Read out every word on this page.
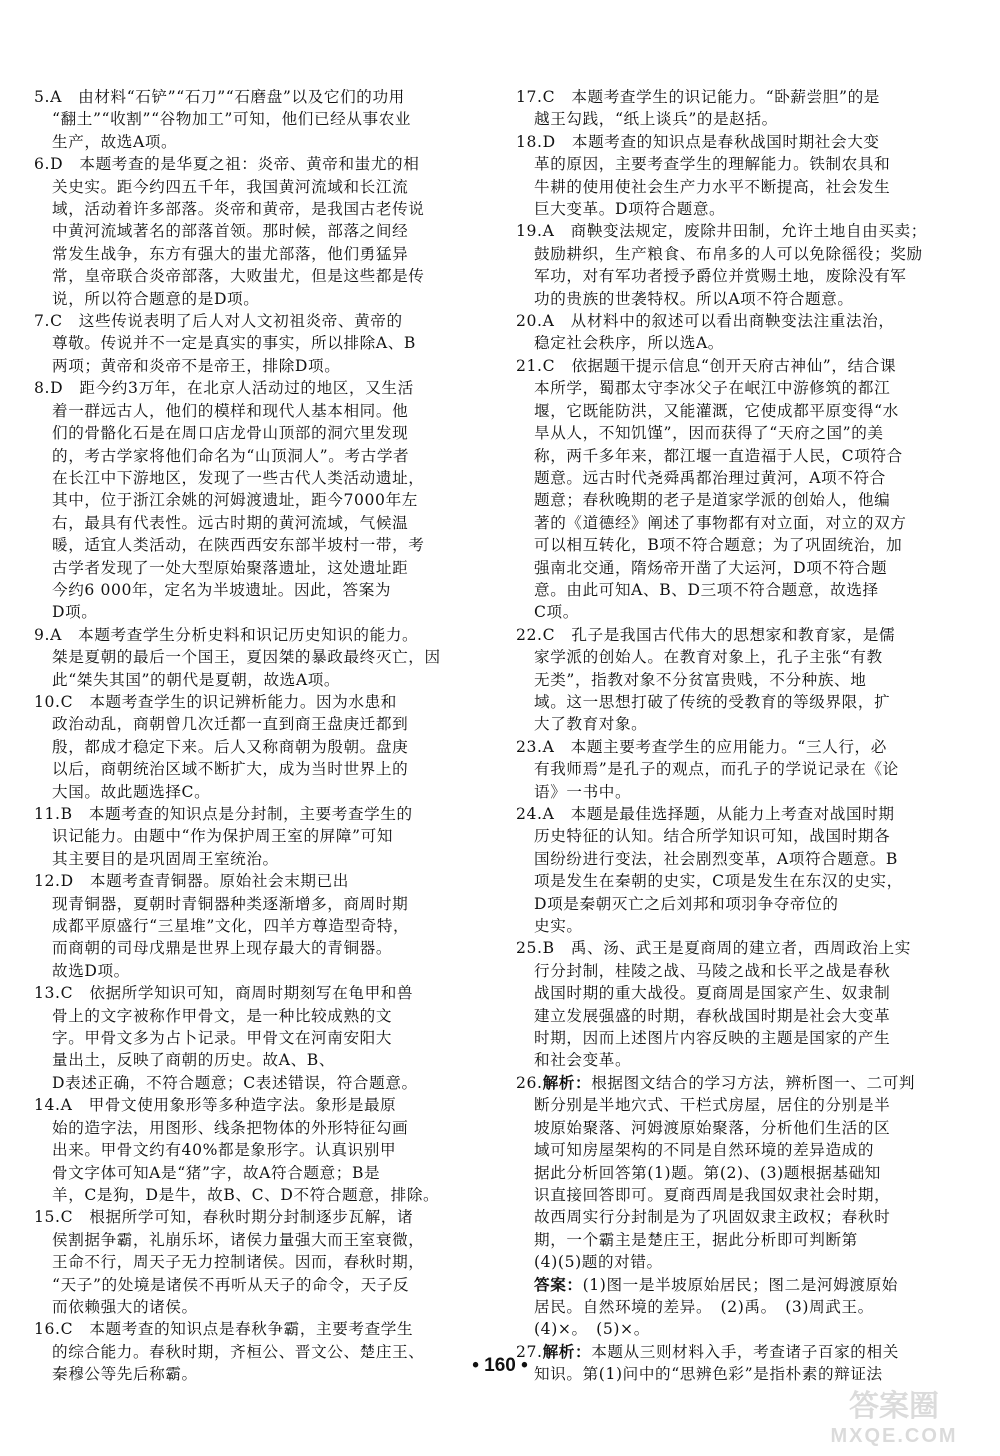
5.A　由材料“石铲”“石刀”“石磨盘”以及它们的功用

“翻土”“收割”“谷物加工”可知，他们已经从事农业

生产，故选A项。

6.D　本题考查的是华夏之祖：炎帝、黄帝和蚩尤的相

关史实。距今约四五千年，我国黄河流域和长江流

域，活动着许多部落。炎帝和黄帝，是我国古老传说

中黄河流域著名的部落首领。那时候，部落之间经

常发生战争，东方有强大的蚩尤部落，他们勇猛异

常，皇帝联合炎帝部落，大败蚩尤，但是这些都是传

说，所以符合题意的是D项。

7.C　这些传说表明了后人对人文初祖炎帝、黄帝的

尊敬。传说并不一定是真实的事实，所以排除A、B

两项；黄帝和炎帝不是帝王，排除D项。

8.D　距今约3万年，在北京人活动过的地区，又生活

着一群远古人，他们的模样和现代人基本相同。他

们的骨骼化石是在周口店龙骨山顶部的洞穴里发现

的，考古学家将他们命名为“山顶洞人”。考古学者

在长江中下游地区，发现了一些古代人类活动遗址，

其中，位于浙江余姚的河姆渡遗址，距今7000年左

右，最具有代表性。远古时期的黄河流域，气候温

暖，适宜人类活动，在陕西西安东部半坡村一带，考

古学者发现了一处大型原始聚落遗址，这处遗址距

今约6 000年，定名为半坡遗址。因此，答案为

D项。

9.A　本题考查学生分析史料和识记历史知识的能力。

桀是夏朝的最后一个国王，夏因桀的暴政最终灭亡，因

此“桀失其国”的朝代是夏朝，故选A项。

10.C　本题考查学生的识记辨析能力。因为水患和

政治动乱，商朝曾几次迁都一直到商王盘庚迁都到

殷，都成才稳定下来。后人又称商朝为殷朝。盘庚

以后，商朝统治区域不断扩大，成为当时世界上的

大国。故此题选择C。

11.B　本题考查的知识点是分封制，主要考查学生的

识记能力。由题中“作为保护周王室的屏障”可知

其主要目的是巩固周王室统治。

12.D　本题考查青铜器。原始社会末期已出

现青铜器，夏朝时青铜器种类逐渐增多，商周时期

成都平原盛行“三星堆”文化，四羊方尊造型奇特，

而商朝的司母戊鼎是世界上现存最大的青铜器。

故选D项。

13.C　依据所学知识可知，商周时期刻写在龟甲和兽

骨上的文字被称作甲骨文，是一种比较成熟的文

字。甲骨文多为占卜记录。甲骨文在河南安阳大

量出土，反映了商朝的历史。故A、B、

D表述正确，不符合题意；C表述错误，符合题意。

14.A　甲骨文使用象形等多种造字法。象形是最原

始的造字法，用图形、线条把物体的外形特征勾画

出来。甲骨文约有40%都是象形字。认真识别甲

骨文字体可知A是“猪”字，故A符合题意；B是

羊，C是狗，D是牛，故B、C、D不符合题意，排除。

15.C　根据所学可知，春秋时期分封制逐步瓦解，诸

侯割据争霸，礼崩乐坏，诸侯力量强大而王室衰微，

王命不行，周天子无力控制诸侯。因而，春秋时期，

“天子”的处境是诸侯不再听从天子的命令，天子反

而依赖强大的诸侯。

16.C　本题考查的知识点是春秋争霸，主要考查学生

的综合能力。春秋时期，齐桓公、晋文公、楚庄王、

秦穆公等先后称霸。

17.C　本题考查学生的识记能力。“卧薪尝胆”的是

越王勾践，“纸上谈兵”的是赵括。

18.D　本题考查的知识点是春秋战国时期社会大变

革的原因，主要考查学生的理解能力。铁制农具和

牛耕的使用使社会生产力水平不断提高，社会发生

巨大变革。D项符合题意。

19.A　商鞅变法规定，废除井田制，允许土地自由买卖；

鼓励耕织，生产粮食、布帛多的人可以免除徭役；奖励

军功，对有军功者授予爵位并赏赐土地，废除没有军

功的贵族的世袭特权。所以A项不符合题意。

20.A　从材料中的叙述可以看出商鞅变法注重法治，

稳定社会秩序，所以选A。

21.C　依据题干提示信息“创开天府古神仙”，结合课

本所学，蜀郡太守李冰父子在岷江中游修筑的都江

堰，它既能防洪，又能灌溉，它使成都平原变得“水

旱从人，不知饥馑”，因而获得了“天府之国”的美

称，两千多年来，都江堰一直造福于人民，C项符合

题意。远古时代尧舜禹都治理过黄河，A项不符合

题意；春秋晚期的老子是道家学派的创始人，他编

著的《道德经》阐述了事物都有对立面，对立的双方

可以相互转化，B项不符合题意；为了巩固统治，加

强南北交通，隋炀帝开凿了大运河，D项不符合题

意。由此可知A、B、D三项不符合题意，故选择

C项。

22.C　孔子是我国古代伟大的思想家和教育家，是儒

家学派的创始人。在教育对象上，孔子主张“有教

无类”，指教对象不分贫富贵贱，不分种族、地

域。这一思想打破了传统的受教育的等级界限，扩

大了教育对象。

23.A　本题主要考查学生的应用能力。“三人行，必

有我师焉”是孔子的观点，而孔子的学说记录在《论

语》一书中。

24.A　本题是最佳选择题，从能力上考查对战国时期

历史特征的认知。结合所学知识可知，战国时期各

国纷纷进行变法，社会剧烈变革，A项符合题意。B

项是发生在秦朝的史实，C项是发生在东汉的史实，

D项是秦朝灭亡之后刘邦和项羽争夺帝位的

史实。

25.B　禹、汤、武王是夏商周的建立者，西周政治上实

行分封制，桂陵之战、马陵之战和长平之战是春秋

战国时期的重大战役。夏商周是国家产生、奴隶制

建立发展强盛的时期，春秋战国时期是社会大变革

时期，因而上述图片内容反映的主题是国家的产生

和社会变革。

26.解析：根据图文结合的学习方法，辨析图一、二可判

断分别是半地穴式、干栏式房屋，居住的分别是半

坡原始聚落、河姆渡原始聚落，分析他们生活的区

域可知房屋架构的不同是自然环境的差异造成的

据此分析回答第(1)题。第(2)、(3)题根据基础知

识直接回答即可。夏商西周是我国奴隶社会时期，

故西周实行分封制是为了巩固奴隶主政权；春秋时

期，一个霸主是楚庄王，据此分析即可判断第

(4)(5)题的对错。

答案：(1)图一是半坡原始居民；图二是河姆渡原始

居民。自然环境的差异。　(2)禹。　(3)周武王。

(4)×。　(5)×。

27.解析：本题从三则材料入手，考查诸子百家的相关

知识。第(1)问中的“思辨色彩”是指朴素的辩证法

• 160 •
答案圈
MXQE.COM
